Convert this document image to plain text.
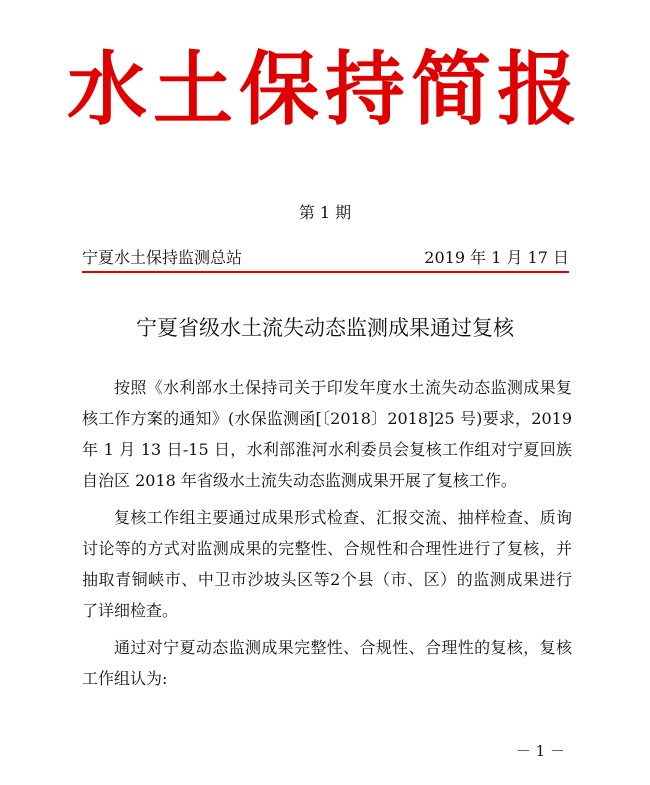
水土保持简报
第 1 期
宁夏水土保持监测总站	2019 年 1 月 17 日
宁夏省级水土流失动态监测成果通过复核

按照《水利部水土保持司关于印发年度水土流失动态监测成果复核工作方案的通知》(水保监测函[〔2018〕2018]25 号)要求，2019 年 1 月 13 日-15 日，水利部淮河水利委员会复核工作组对宁夏回族自治区 2018 年省级水土流失动态监测成果开展了复核工作。

复核工作组主要通过成果形式检查、汇报交流、抽样检查、质询讨论等的方式对监测成果的完整性、合规性和合理性进行了复核，并抽取青铜峡市、中卫市沙坡头区等2个县（市、区）的监测成果进行了详细检查。

通过对宁夏动态监测成果完整性、合规性、合理性的复核，复核工作组认为:

－ 1 －
